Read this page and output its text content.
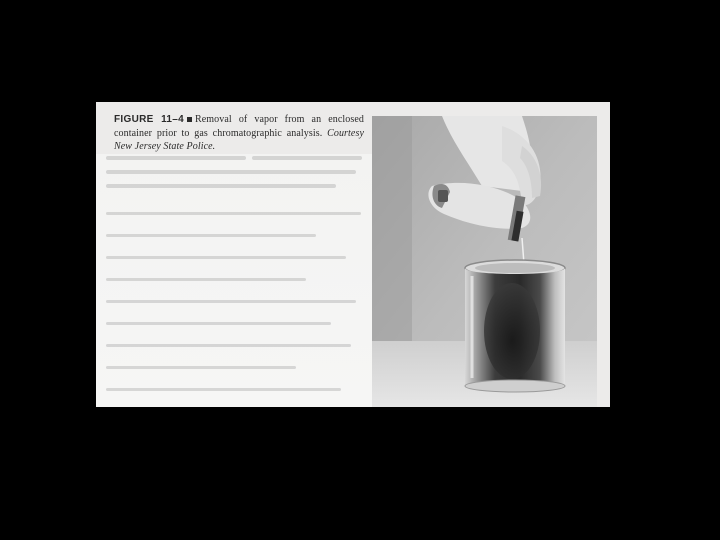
FIGURE 11–4 Removal of vapor from an enclosed container prior to gas chromatographic analysis. Courtesy New Jersey State Police.
